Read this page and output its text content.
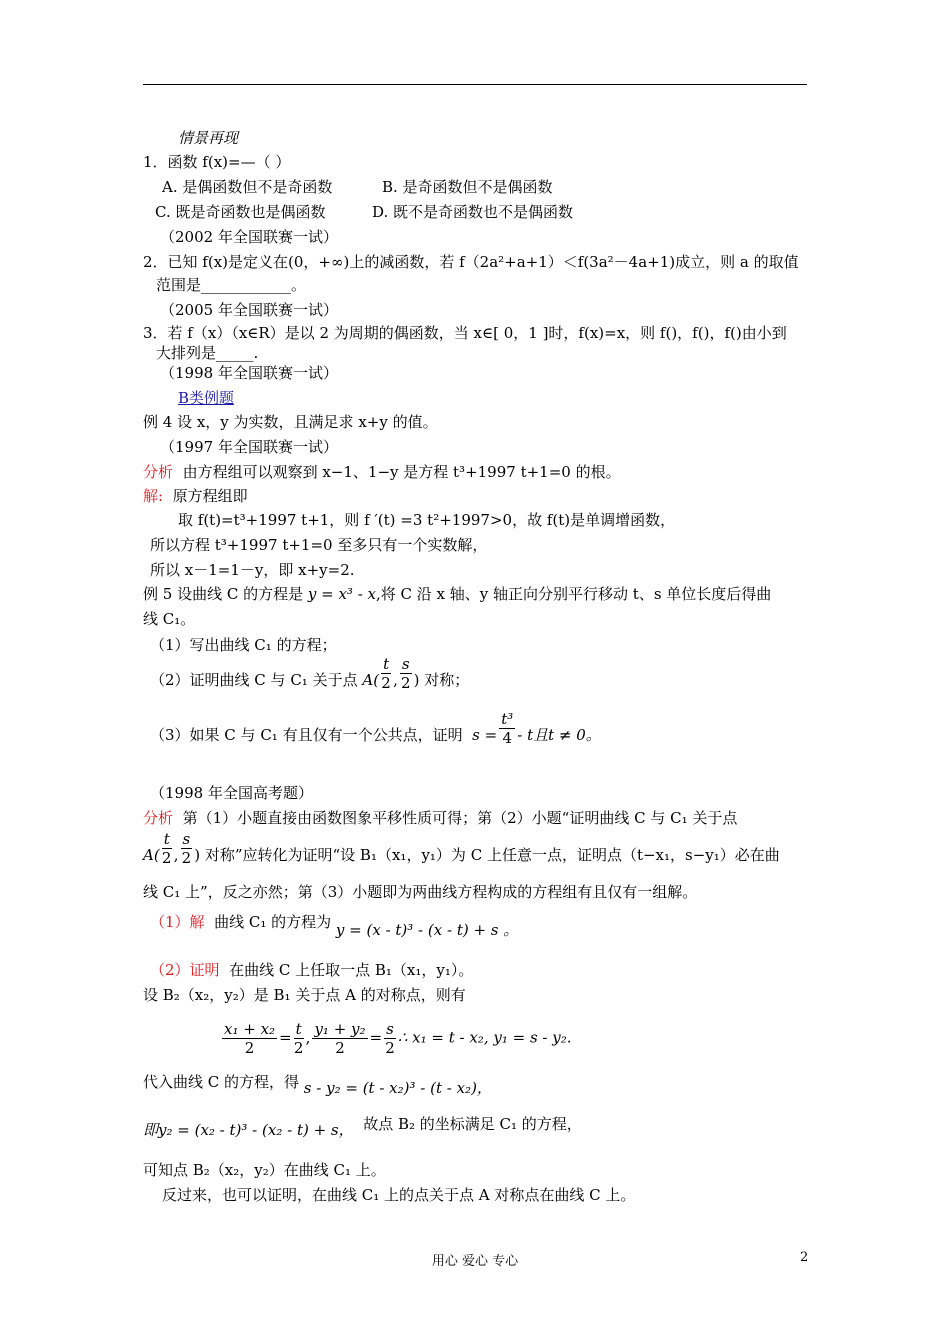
情景再现
1．函数 f(x)=—（ ）
A. 是偶函数但不是奇函数	B. 是奇函数但不是偶函数
C. 既是奇函数也是偶函数	D. 既不是奇函数也不是偶函数
（2002 年全国联赛一试）
2．已知 f(x)是定义在(0，+∞)上的减函数，若 f（2a²+a+1）＜f(3a²－4a+1)成立，则 a 的取值
范围是____________。
（2005 年全国联赛一试）
3．若 f（x）（x∈R）是以 2 为周期的偶函数，当 x∈[ 0，1 ]时，f(x)=x，则 f()，f()，f()由小到
大排列是_____.
（1998 年全国联赛一试）
B类例题
例 4 设 x，y 为实数，且满足求 x+y 的值。
（1997 年全国联赛一试）
分析 由方程组可以观察到 x−1、1−y 是方程 t³+1997 t+1=0 的根。
解: 原方程组即
取 f(t)=t³+1997 t+1，则 f ′(t) =3 t²+1997>0，故 f(t)是单调增函数，
所以方程 t³+1997 t+1=0 至多只有一个实数解，
所以 x－1=1－y，即 x+y=2.
例 5 设曲线 C 的方程是 y = x³ - x,将 C 沿 x 轴、y 轴正向分别平行移动 t、s 单位长度后得曲
线 C₁。
（1）写出曲线 C₁ 的方程；
（2）证明曲线 C 与 C₁ 关于点 $A( \frac{t}{2}$ , $\frac{s}{2}$ ) 对称；
（3）如果 C 与 C₁ 有且仅有一个公共点，证明  $s = \frac{\text{t³}}{4} - t$且t ≠ 0。
（1998 年全国高考题）
分析 第（1）小题直接由函数图象平移性质可得；第（2）小题“证明曲线 C 与 C₁ 关于点
$A( \frac{t}{2}$ , $\frac{s}{2}$ ) 对称”应转化为证明“设 B₁（x₁，y₁）为 C 上任意一点，证明点（t−x₁，s−y₁）必在曲
线 C₁ 上”，反之亦然；第（3）小题即为两曲线方程构成的方程组有且仅有一组解。
（1）解 曲线 C₁ 的方程为 y = (x - t)³ - (x - t) + s 。
（2）证明 在曲线 C 上任取一点 B₁（x₁，y₁）。
设 B₂（x₂，y₂）是 B₁ 关于点 A 的对称点，则有
$\frac{\text{x₁ + x₂}}{2} = \frac{t}{2}$ , $\frac{\text{y₁ + y₂}}{2} = \frac{s}{2}$ ∴ x₁ = t - x₂, y₁ = s - y₂.
代入曲线 C 的方程，得 s - y₂ = (t - x₂)³ - (t - x₂)，
即y₂ = (x₂ - t)³ - (x₂ - t) + s， 故点 B₂ 的坐标满足 C₁ 的方程，
可知点 B₂（x₂，y₂）在曲线 C₁ 上。
反过来，也可以证明，在曲线 C₁ 上的点关于点 A 对称点在曲线 C 上。
用心 爱心 专心	2
